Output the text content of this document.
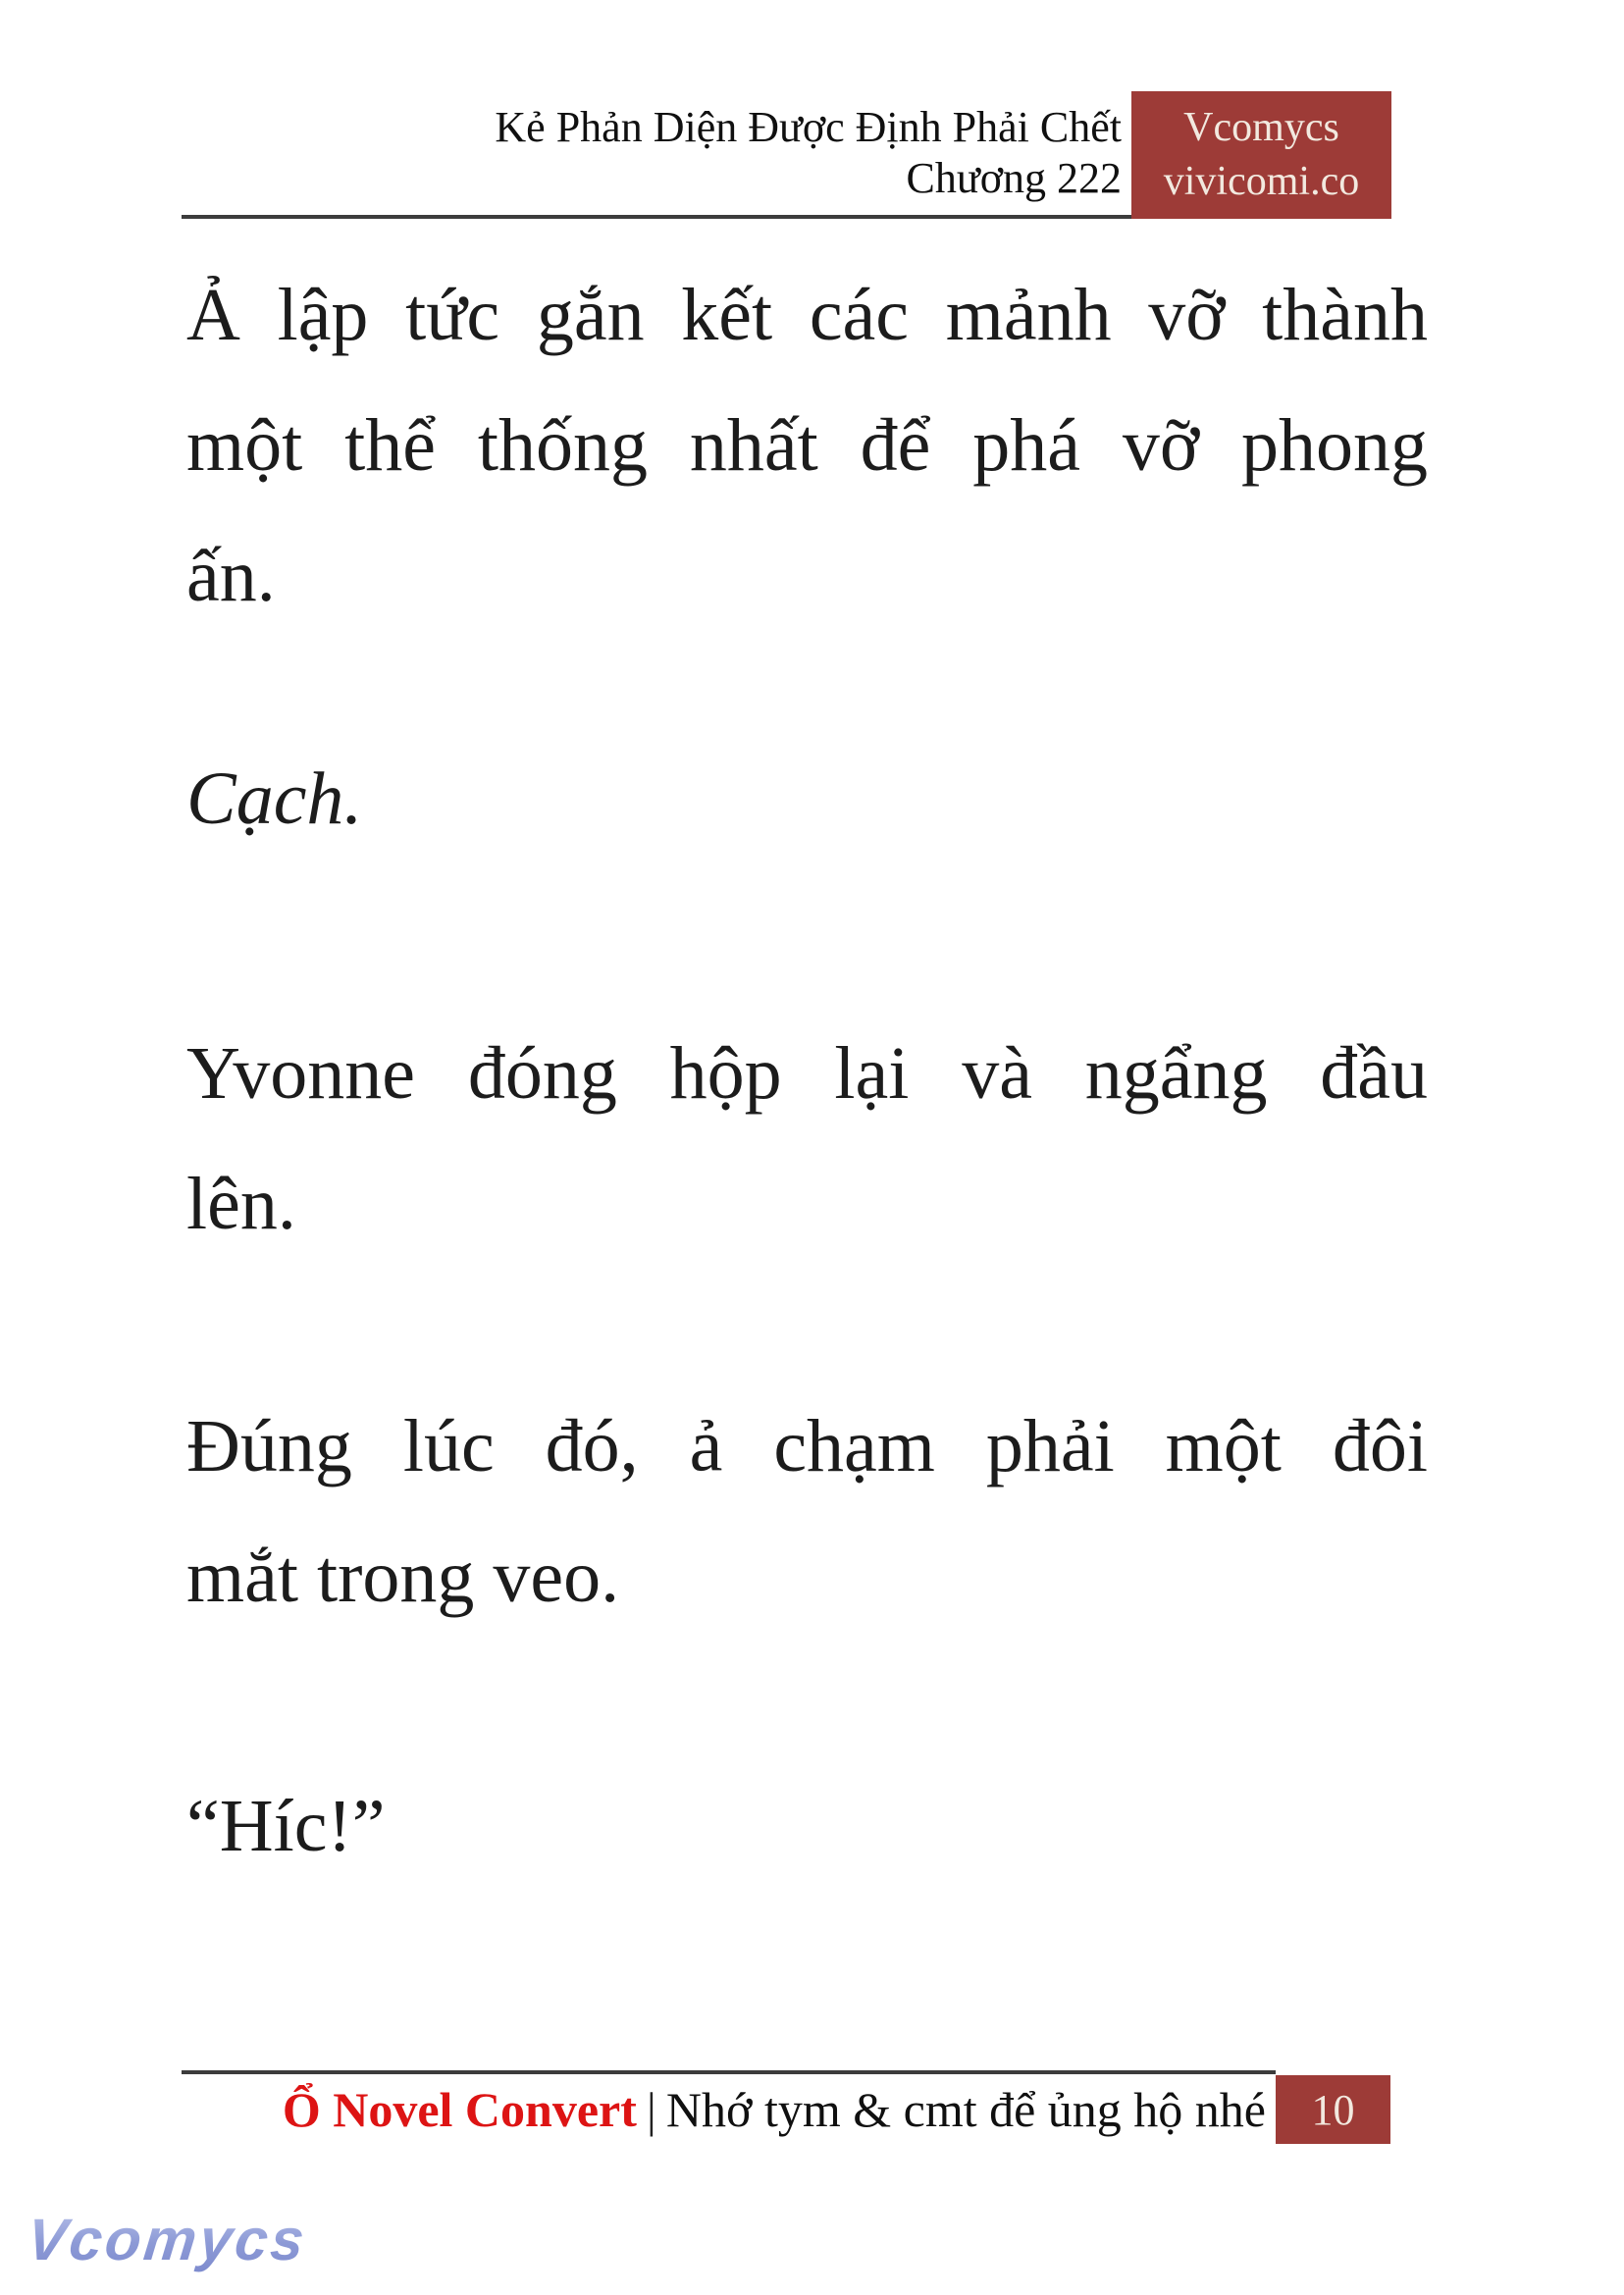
Kẻ Phản Diện Được Định Phải Chết
Chương 222
Vcomycs
vivicomi.co
Ả lập tức gắn kết các mảnh vỡ thành
một thể thống nhất để phá vỡ phong
ấn.
Cạch.
Yvonne đóng hộp lại và ngẩng đầu
lên.
Đúng lúc đó, ả chạm phải một đôi
mắt trong veo.
“Híc!”
Ổ Novel Convert | Nhớ tym & cmt để ủng hộ nhé 10
Vcomycs
